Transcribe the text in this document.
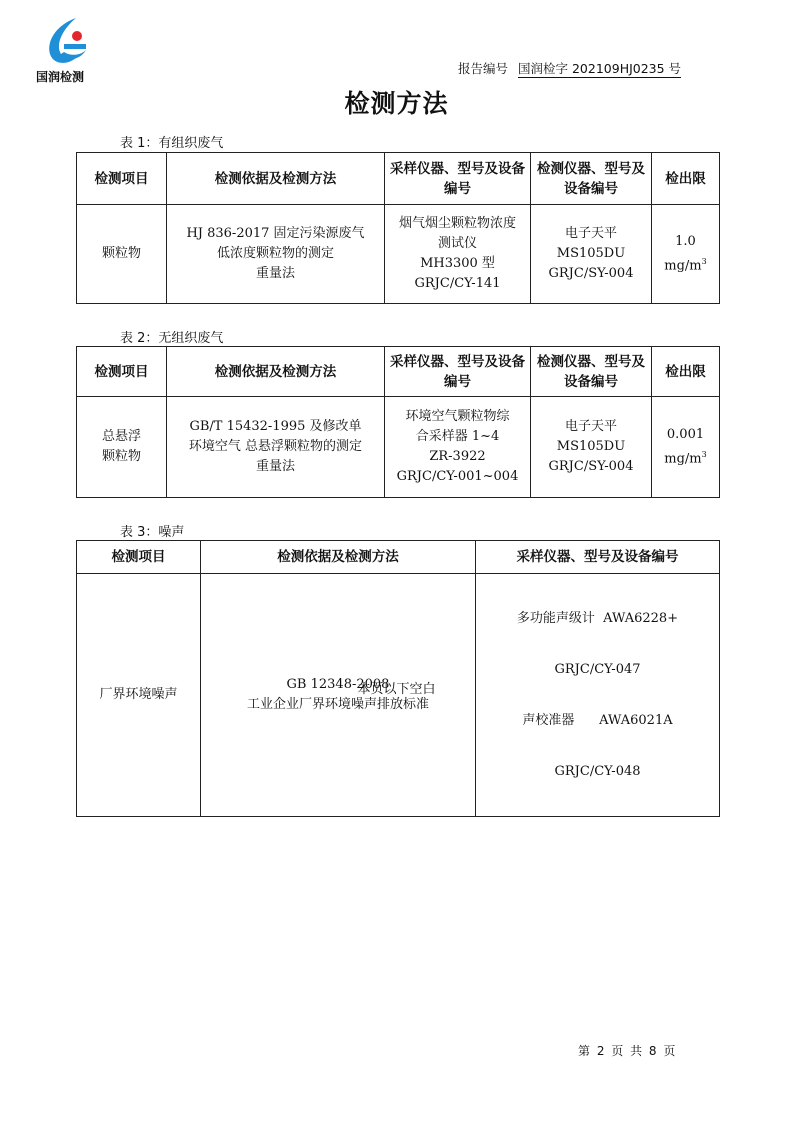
国润检测
报告编号 国润检字 202109HJ0235 号
检测方法
表 1：有组织废气
检测项目	检测依据及检测方法	采样仪器、型号及设备编号	检测仪器、型号及设备编号	检出限
颗粒物	HJ 836-2017 固定污染源废气
低浓度颗粒物的测定
重量法	烟气烟尘颗粒物浓度
测试仪
MH3300 型
GRJC/CY-141	电子天平
MS105DU
GRJC/SY-004	1.0
$mg/m^3$
表 2：无组织废气
检测项目	检测依据及检测方法	采样仪器、型号及设备编号	检测仪器、型号及设备编号	检出限

总悬浮
颗粒物	GB/T 15432-1995 及修改单
环境空气 总悬浮颗粒物的测定
重量法	环境空气颗粒物综
合采样器 1~4
ZR-3922
GRJC/CY-001~004	电子天平
MS105DU
GRJC/SY-004	0.001
$mg/m^3$
表 3：噪声
检测项目	检测依据及检测方法	采样仪器、型号及设备编号
厂界环境噪声	GB 12348-2008
工业企业厂界环境噪声排放标准	多功能声级计  AWA6228+

GRJC/CY-047

声校准器      AWA6021A

GRJC/CY-048

本页以下空白
第 2 页 共 8 页
